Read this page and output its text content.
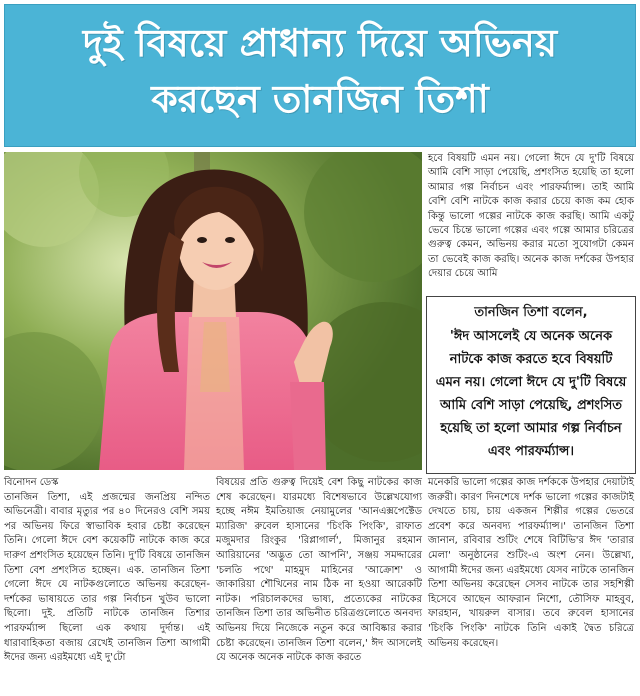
দুই বিষয়ে প্রাধান্য দিয়ে অভিনয়
করছেন তানজিন তিশা
হবে বিষয়টি এমন নয়। গেলো ঈদে যে দু'টি বিষয়ে আমি বেশি সাড়া পেয়েছি, প্রশংসিত হয়েছি তা হলো আমার গল্প নির্বাচন এবং পারফর্ম্যান্স। তাই আমি বেশি বেশি নাটকে কাজ করার চেয়ে কাজ কম হোক কিন্তু ভালো গল্পের নাটকে কাজ করছি। আমি একটু ভেবে চিন্তে ভালো গল্পের এবং গল্পে আমার চরিত্রের গুরুত্ব কেমন, অভিনয় করার মতো সুযোগটা কেমন তা ভেবেই কাজ করছি। অনেক কাজ দর্শকের উপহার দেয়ার চেয়ে আমি
তানজিন তিশা বলেন,
'ঈদ আসলেই যে অনেক অনেক নাটকে কাজ করতে হবে বিষয়টি এমন নয়। গেলো ঈদে যে দু'টি বিষয়ে আমি বেশি সাড়া পেয়েছি, প্রশংসিত হয়েছি তা হলো আমার গল্প নির্বাচন এবং পারফর্ম্যান্স।

বিনোদন ডেস্ক

তানজিন তিশা, এই প্রজন্মের জনপ্রিয় নন্দিত অভিনেত্রী। বাবার মৃত্যুর পর ৪০ দিনেরও বেশি সময় পর অভিনয় ফিরে স্বাভাবিক হবার চেষ্টা করেছেন তিনি। গেলো ঈদে বেশ কয়েকটি নাটকে কাজ করে দারুণ প্রশংসিত হয়েছেন তিনি। দু'টি বিষয়ে তানজিন তিশা বেশ প্রশংসিত হচ্ছেন। এক. তানজিন তিশা গেলো ঈদে যে নাটকগুলোতে অভিনয় করেছেন-দর্শকের ভাষায়তে তার গল্প নির্বাচন খুউব ভালো ছিলো। দুই. প্রতিটি নাটকে তানজিন তিশার পারফর্ম্যান্স ছিলো এক কথায় দুর্দান্ত। এই ধারাবাহিকতা বজায় রেখেই তানজিন তিশা আগামী ঈদের জন্য এরইমধ্যে এই দু'টো

বিষয়ের প্রতি গুরুত্ব দিয়েই বেশ কিছু নাটকের কাজ শেষ করেছেন। যারমধ্যে বিশেষভাবে উল্লেখযোগ্য হচ্ছে নঈম ইমতিয়াজ নেয়ামুলের 'আনএক্সপেক্টেড ম্যারিজ' রুবেল হাসানের 'চিংকি পিংকি', রাফাত মজুমদার রিংকুর 'রিপ্লাগার্ল', মিজানুর রহমান আরিয়ানের 'অদ্ভুত তো আপনি', সঞ্জয় সমদ্দারের 'চলতি পথে' মাহমুদ মাহিনের 'আক্রোশ' ও জাকারিয়া শৌখিনের নাম ঠিক না হওয়া আরেকটি নাটক। পরিচালকদের ভাষ্য, প্রত্যেকের নাটকের তানজিন তিশা তার অভিনীত চরিত্রগুলোতে অনবদ্য অভিনয় দিয়ে নিজেকে নতুন করে আবিষ্কার করার চেষ্টা করেছেন। তানজিন তিশা বলেন,' ঈদ আসলেই যে অনেক অনেক নাটকে কাজ করতে

মনেকরি ভালো গল্পের কাজ দর্শককে উপহার দেয়াটাই জরুরী। কারণ দিনশেষে দর্শক ভালো গল্পের কাজটাই দেখতে চায়, চায় একজন শিল্পীর গল্পের ভেতরে প্রবেশ করে অনবদ্য পারফর্ম্যান্স।' তানজিন তিশা জানান, রবিবার শুটিং শেষে বিটিভি'র ঈদ 'তারার মেলা' অনুষ্ঠানের শুটিং-এ অংশ নেন। উল্লেখ্য, আগামী ঈদের জন্য এরইমধ্যে যেসব নাটকে তানজিন তিশা অভিনয় করেছেন সেসব নাটকে তার সহশিল্পী হিসেবে আছেন আফরান নিশো, তৌসিফ মাহবুব, ফারহান, খায়রুল বাসার। তবে রুবেল হাসানের 'চিংকি পিংকি' নাটকে তিনি একাই দ্বৈত চরিত্রে অভিনয় করেছেন।
